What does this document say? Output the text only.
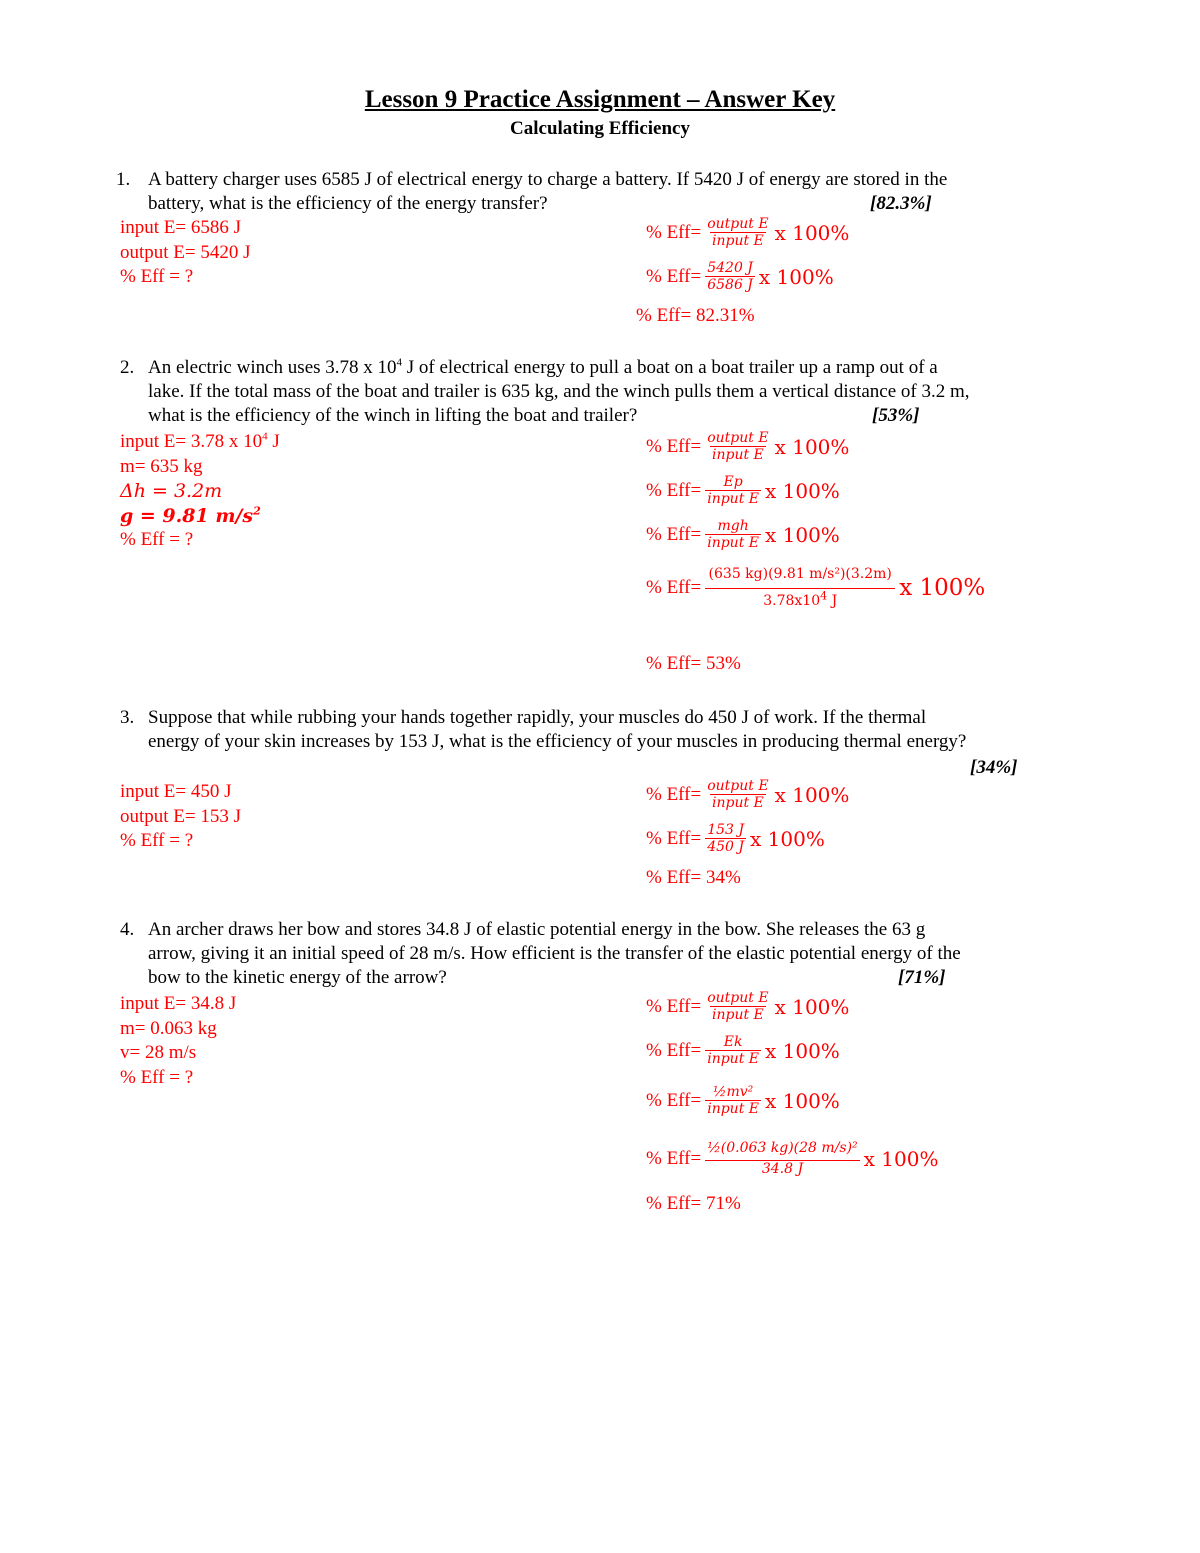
Lesson 9 Practice Assignment – Answer Key
Calculating Efficiency
1. A battery charger uses 6585 J of electrical energy to charge a battery. If 5420 J of energy are stored in the
battery, what is the efficiency of the energy transfer?	[82.3%]
input E= 6586 J
output E= 5420 J
% Eff = ?
% $Eff= \frac{\text{output E}}{\text{input E}}$ x 100%
% $Eff= \frac{5420 J}{6586 J}$ x 100%
% Eff= 82.31%
2. An electric winch uses 3.78 x $10^4$ J of electrical energy to pull a boat on a boat trailer up a ramp out of a
lake. If the total mass of the boat and trailer is 635 kg, and the winch pulls them a vertical distance of 3.2 m,
what is the efficiency of the winch in lifting the boat and trailer?	[53%]
input E= 3.78 x $10^4$ J
m= 635 kg
Δh = 3.2m
g = 9.81 $m/s^2$
% Eff = ?
% $Eff= \frac{\text{output E}}{\text{input E}}$ x 100%
% $Eff= \frac{Ep}{\text{input E}}$ x 100%
% $Eff= \frac{\text{mgh}}{\text{input E}}$ x 100%
% $Eff= \frac{\text{(635 kg)(9.81 m/s²)(3.2m)}}{3.78x10^4 J}$ x 100%
% Eff= 53%
3. Suppose that while rubbing your hands together rapidly, your muscles do 450 J of work. If the thermal
energy of your skin increases by 153 J, what is the efficiency of your muscles in producing thermal energy?
[34%]
input E= 450 J
output E= 153 J
% Eff = ?
% $Eff= \frac{\text{output E}}{\text{input E}}$ x 100%
% $Eff= \frac{153 J}{450 J}$ x 100%
% Eff= 34%
4. An archer draws her bow and stores 34.8 J of elastic potential energy in the bow. She releases the 63 g
arrow, giving it an initial speed of 28 m/s. How efficient is the transfer of the elastic potential energy of the
bow to the kinetic energy of the arrow?	[71%]
input E= 34.8 J
m= 0.063 kg
v= 28 m/s
% Eff = ?
% $Eff= \frac{\text{output E}}{\text{input E}}$ x 100%
% $Eff= \frac{Ek}{\text{input E}}$ x 100%
% $Eff= \frac{\text{½mv²}}{\text{input E}}$ x 100%
% $Eff= \frac{\text{½(0.063 kg)(28 m/s)²}}{34.8 J}$ x 100%
% Eff= 71%
